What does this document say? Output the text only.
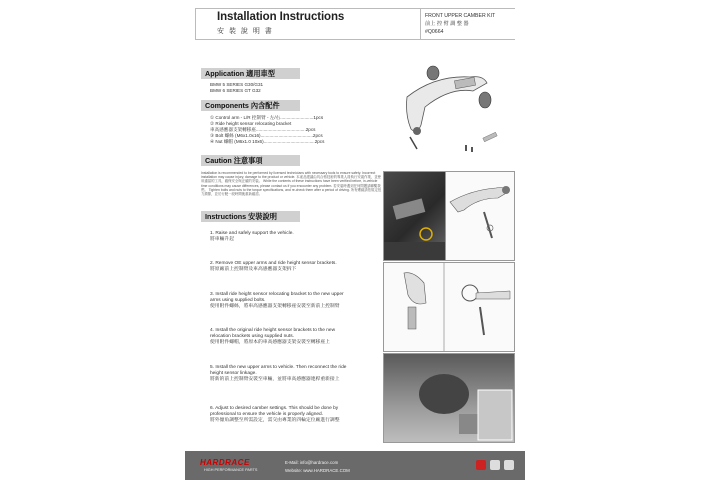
Installation Instructions
安 裝 說 明 書
FRONT UPPER CAMBER KIT
前上 控 臂 調 整 器
#Q0664
Application 適用車型
BMW 5 SERIES G30/G31
BMW 6 SERIES GT G32
Components 內含配件
① Control arm - L/R 控制臂 - 左/右..........................1pcs
② Ride height sensor relocating bracket
車高感應器支架轉移座.......................................2pcs
③ Bolt 螺絲 (M6x1.0x16).........................................2pcs
④ Nut 螺帽 (M6x1.0 10x6)........................................2pcs
Caution 注意事項
Installation is recommended to be performed by licensed technicians with necessary tools to ensure safety. Incorrect installation may cause injury, damage to the product or vehicle. 本產品建議由具合格技術的專業人員執行安裝作業，並使用適當的工具，確保安全與正確的安裝。 While the contents of these instructions have been verified before, in-vehicle time conditions may cause differences, please contact us if you encounter any problem. 若安裝時遇到任何問題請聯繫我們。 Tighten bolts and nuts to the torque specifications, and re-check them after a period of driving. 所有螺絲請依規定扭力鎖緊，並於行駛一段時間後重新確認。
Instructions 安裝說明
1. Raise and safely support the vehicle.
將車輛升起
2. Remove OE upper arms and ride height sensor brackets.
將原廠前上控制臂及車高感應器支架拆下
3. Install ride height sensor relocating bracket to the new upper
arms using supplied bolts.
使用附件螺絲，將車高感應器支架轉移座安裝至新前上控制臂
4. Install the original ride height sensor brackets to the new
relocation brackets using supplied nuts.
使用附件螺帽，將原本的車高感應器支架安裝至轉移座上
5. Install the new upper arms to vehicle. Then reconnect the ride
height sensor linkage.
將新的前上控制臂安裝至車輛，並將車高感應器連桿重新接上
6. Adjust to desired camber settings. This should be done by
professional to ensure the vehicle is properly aligned.
將外傾角調整至所需設定，需交由專業的四輪定位廠進行調整
HARDRACE
HIGH PERFORMANCE PARTS
E-Mail: info@hardrace.com
Website: www.HARDRACE.COM
